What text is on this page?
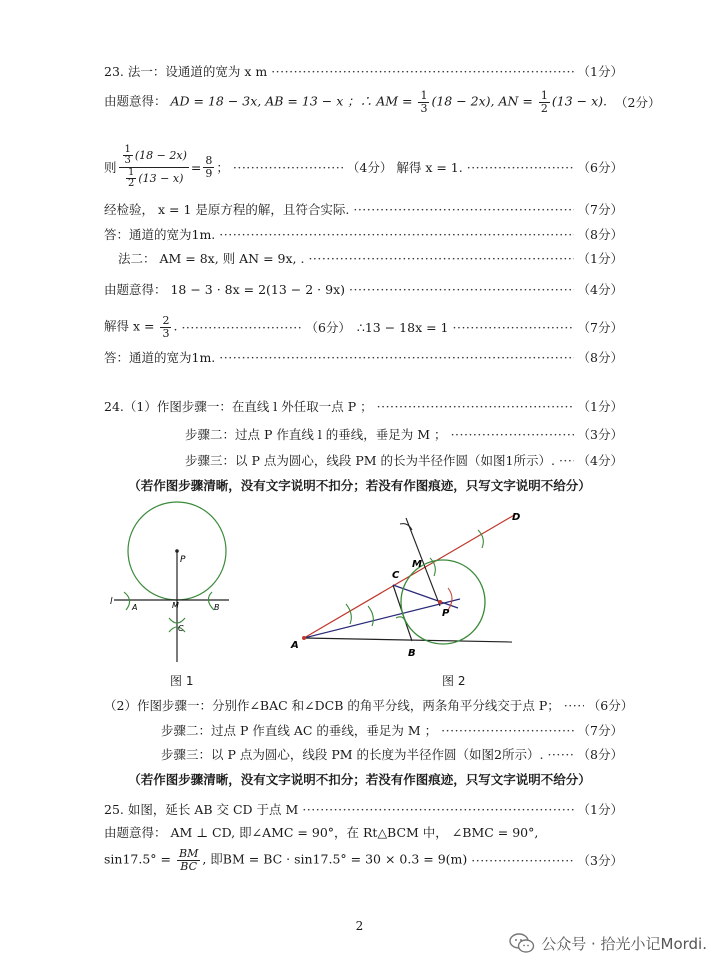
23. 法一：设通道的宽为 x m ·····	（1分）
由题意得： AD = 18 − 3x, AB = 13 − x ；∴ AM = $\frac{1}{3} (18 - 2x)$, AN = $\frac{1}{2} (13 - x)$. （2分）
则 $\frac{\frac{1}{3} (18 - 2x)}{\frac{1}{2} (13 - x)} = \frac{8}{9}$ ； ·····	（4分） 解得 x = 1. ·····	（6分）
经检验， x = 1 是原方程的解，且符合实际. ·····	（7分）
答：通道的宽为1m. ·····	（8分）
法二： AM = 8x, 则 AN = 9x, . ·····	（1分）
由题意得： 18 − 3 · 8x = 2(13 − 2 · 9x) ·····	（4分）
解得 $x = \frac{2}{3}$ . ·····	（6分） ∴13 − 18x = 1 ·····	（7分）
答：通道的宽为1m. ·····	（8分）
24.（1）作图步骤一：在直线 l 外任取一点 P ； ·····	（1分）
步骤二：过点 P 作直线 l 的垂线，垂足为 M ； ·····	（3分）
步骤三：以 P 点为圆心，线段 PM 的长为半径作圆（如图1所示）. ····· （4分）
（若作图步骤清晰，没有文字说明不扣分；若没有作图痕迹，只写文字说明不给分）
P
l
A	M	B
C
图 1
D
M
C
P
A
B
图 2
（2）作图步骤一：分别作∠BAC 和∠DCB 的角平分线，两条角平分线交于点 P； ····· （6分）
步骤二：过点 P 作直线 AC 的垂线，垂足为 M ； ·····	（7分）
步骤三：以 P 点为圆心，线段 PM 的长度为半径作圆（如图2所示）. ·····	（8分）
（若作图步骤清晰，没有文字说明不扣分；若没有作图痕迹，只写文字说明不给分）
25. 如图，延长 AB 交 CD 于点 M ·····	（1分）
由题意得： AM ⊥ CD, 即∠AMC = 90°，在 Rt△BCM 中， ∠BMC = 90°,
$\sin 17.5^\circ = \frac{BM}{BC}$ , 即BM = BC · sin17.5° = 30 × 0.3 = 9(m) ·····	（3分）
2
公众号 · 拾光小记Mordi.
